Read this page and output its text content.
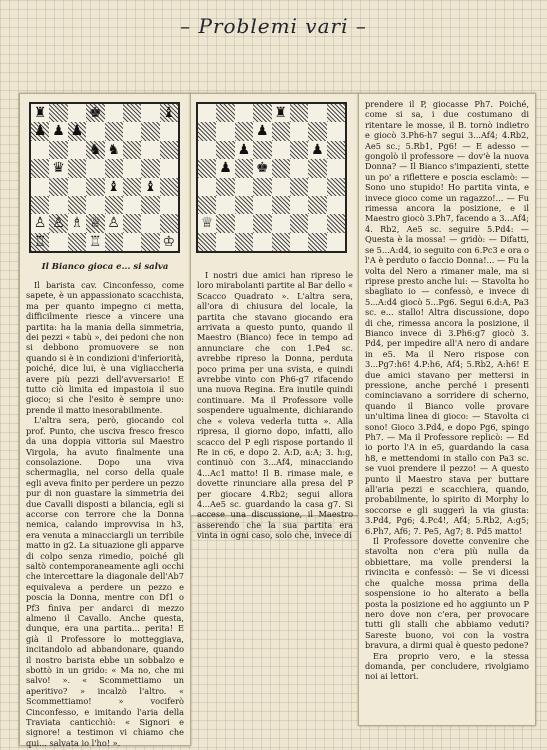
– Problemi vari –
♜	♚	♝
♟ ♟ ♟
♞ ♞
♛
♝ ♝
♙ ♙ ♗ ♕ ♙
♖	♖	♔
Il Bianco gioca e... si salva

Il barista cav. Cinconfesso, come sapete, è un appassionato scacchista, ma per quanto impegno ci metta, difficilmente riesce a vincere una partita: ha la mania della simmetria, dei pezzi « tabù », dei pedoni che non si debbono promuovere se non quando si è in condizioni d'inferiorità, poiché, dice lui, è una vigliaccheria avere più pezzi dell'avversario! E tutto ciò limita ed impastoia il suo gioco; si che l'esito è sempre uno: prende il matto inesorabilmente.

L'altra sera, però, giocando col prof. Punto, che usciva fresco fresco da una doppia vittoria sul Maestro Virgola, ha avuto finalmente una consolazione. Dopo una viva schermaglia, nel corso della quale egli aveva finito per perdere un pezzo pur di non guastare la simmetria dei due Cavalli disposti a bilancia, egli si accorse con terrore che la Donna nemica, calando improvvisa in h3, era venuta a minacciargli un terribile matto in g2. La situazione gli apparve di colpo senza rimedio, poiché gli saltò contemporaneamente agli occhi che intercettare la diagonale dell'Ab7 equivaleva a perdere un pezzo e poscia la Donna, mentre con Df1 o Pf3 finiva per andarci di mezzo almeno il Cavallo. Anche questa, dunque, era una partita... perita! E già il Professore lo motteggiava, incitandolo ad abbandonare, quando il nostro barista ebbe un sobbalzo e sbottò in un grido: « Ma no, che mi salvo! ». « Scommettiamo un aperitivo? » incalzò l'altro. « Scommettiamo! » vociferò Cinconfesso, e imitando l'aria della Traviata canticchiò: « Signori e signore! a testimon vi chiamo che qui... salvata io l'ho! ».

♜
♟
♟	♟
♟ ♚
♕

I nostri due amici han ripreso le loro mirabolanti partite al Bar dello « Scacco Quadrato ». L'altra sera, all'ora di chiusura del locale, la partita che stavano giocando era arrivata a questo punto, quando il Maestro (Bianco) fece in tempo ad annunciare che con 1.Pe4 sc. avrebbe ripreso la Donna, perduta poco prima per una svista, e quindi avrebbe vinto con Ph6-g7 rifacendo una nuova Regina. Era inutile quindi continuare. Ma il Professore volle sospendere ugualmente, dichiarando che « voleva vederla tutta ». Alla ripresa, il giorno dopo, infatti, allo scacco del P egli rispose portando il Re in c6, e dopo 2. A:D, a:A; 3. h:g, continuò con 3...Af4, minacciando 4...Ac1 matto! Il B. rimase male, e dovette rinunciare alla presa del P per giocare 4.Rb2; segui allora 4...Ae5 sc. guardando la casa g7. Si accese una discussione, il Maestro asserendo che la sua partita era vinta in ogni caso, solo che, invece di

prendere il P, giocasse Ph7. Poiché, come si sa, i due costumano di ritentare le mosse, il B. tornò indietro e giocò 3.Ph6-h7 segui 3...Af4; 4.Rb2, Ae5 sc.; 5.Rb1, Pg6! — E adesso — gongolò il professore — dov'è la nuova Donna? — Il Bianco s'impazienti, stette un po' a riflettere e poscia esclamò: — Sono uno stupido! Ho partita vinta, e invece gioco come un ragazzo!... — Fu rimessa ancora la posizione, e il Maestro giocò 3.Ph7, facendo a 3...Af4; 4. Rb2, Ae5 sc. seguire 5.Pd4: — Questa è la mossa! — gridò: — Difatti, se 5...A:d4, io seguito con 6.Pc3 e ora o l'A è perduto o faccio Donna!... — Fu la volta del Nero a rimaner male, ma si riprese presto anche lui: — Stavolta ho sbagliato io — confessò, e invece di 5...A:d4 giocò 5...Pg6. Segui 6.d:A, Pa3 sc. e... stallo! Altra discussione, dopo di che, rimessa ancora la posizione, il Bianco invece di 3.Ph6:g7 giocò 3. Pd4, per impedire all'A nero di andare in e5. Ma il Nero rispose con 3...Pg7:h6! 4.P:h6, Af4; 5.Rb2, A:h6! E due amici stavano per mettersi in pressione, anche perché i presenti cominciavano a sorridere di scherno, quando il Bianco volle provare un'ultima linea di gioco: — Stavolta ci sono! Gioco 3.Pd4, e dopo Pg6, spingo Ph7. — Ma il Professore replicò: — Ed io porto l'A in e5, guardando la casa h8, e mettendomi in stallo con Pa3 sc. se vuoi prendere il pezzo! — A questo punto il Maestro stava per buttare all'aria pezzi e scacchiera, quando, probabilmente, lo spirito di Morphy lo soccorse e gli suggerì la via giusta: 3.Pd4, Pg6; 4.Pc4!, Af4; 5.Rb2, A:g5; 6.Ph7, Af6; 7. Pe5, Ag7; 8. Pd5 matto!

Il Professore dovette convenire che stavolta non c'era più nulla da obbiettare, ma volle prendersi la rivincita e confessò: — Se vi dicessi che qualche mossa prima della sospensione io ho alterato a bella posta la posizione ed ho aggiunto un P nero dove non c'era, per provocare tutti gli stalli che abbiamo veduti? Sarestе buono, voi con la vostra bravura, a dirmi qual è questo pedone?

Era proprio vero, e la stessa domanda, per concludere, rivolgiamo noi ai lettori.
